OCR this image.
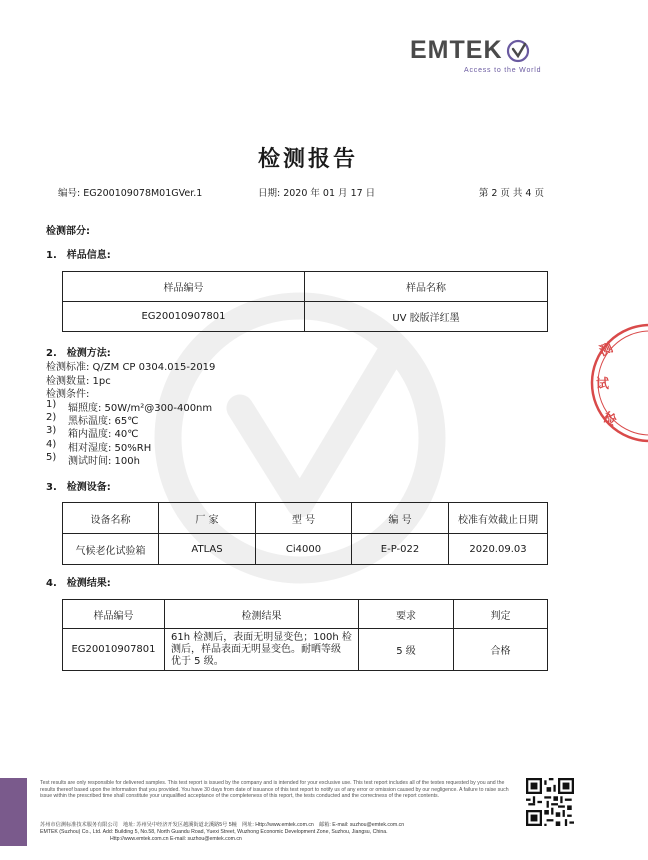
测
试
检
EMTEK
Access to the World
检测报告
编号: EG200109078M01GVer.1	日期: 2020 年 01 月 17 日	第 2 页 共 4 页
检测部分:
1.　样品信息:
样品编号	样品名称
EG20010907801	UV 胶版洋红墨
2.　检测方法:
检测标准: Q/ZM CP 0304.015-2019
检测数量: 1pc
检测条件:
1) 辐照度: 50W/m²@300-400nm
2) 黑标温度: 65℃
3) 箱内温度: 40℃
4) 相对湿度: 50%RH
5) 测试时间: 100h
3.　检测设备:
设备名称	厂 家	型 号	编 号	校准有效截止日期
气候老化试验箱	ATLAS	Ci4000	E-P-022	2020.09.03
4.　检测结果:
样品编号	检测结果	要求	判定
EG20010907801	61h 检测后，表面无明显变色；100h 检
测后，样品表面无明显变色。耐晒等级
优于 5 级。	5 级	合格
Test results are only responsible for delivered samples. This test report is issued by the company and is intended for your exclusive use. This test report includes all of the testes requested by you and the results thereof based upon the information that you provided. You have 30 days from date of issuance of this test report to notify us of any error or omission caused by our negligence. A failure to raise such issue within the prescribed time shall constitute your unqualified acceptance of the completeness of this report, the tests conducted and the correctness of the report contents.
苏州市信测标准技术服务有限公司　地址: 苏州吴中经济开发区越溪街道北溪路5号 5幢　网址: Http://www.emtek.com.cn　邮箱: E-mail: suzhou@emtek.com.cn
EMTEK (Suzhou) Co., Ltd. Add: Building 5, No.58, North Guandu Road, Yuexi Street, Wuzhong Economic Development Zone, Suzhou, Jiangsu, China.
Http://www.emtek.com.cn E-mail: suzhou@emtek.com.cn
